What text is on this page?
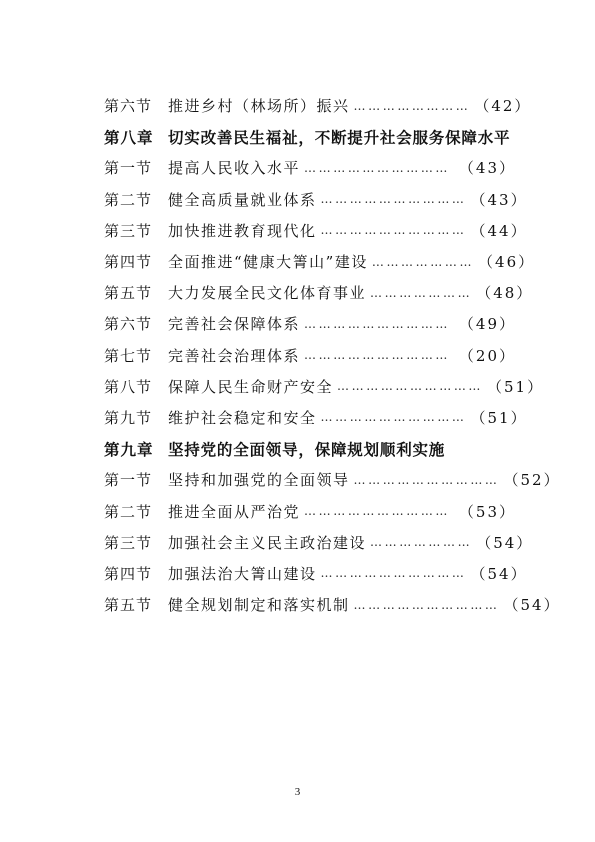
第六节	推进乡村（林场所）振兴 …………………… （42）
第八章 切实改善民生福祉，不断提升社会服务保障水平
第一节	提高人民收入水平 ………………………… （43）
第二节	健全高质量就业体系 ………………………… （43）
第三节	加快推进教育现代化 ………………………… （44）
第四节	全面推进“健康大箐山”建设 ………………… （46）
第五节	大力发展全民文化体育事业 ………………… （48）
第六节	完善社会保障体系 ………………………… （49）
第七节	完善社会治理体系 ………………………… （20）
第八节	保障人民生命财产安全 ………………………… （51）
第九节	维护社会稳定和安全 ………………………… （51）
第九章 坚持党的全面领导，保障规划顺利实施
第一节	坚持和加强党的全面领导 ………………………… （52）
第二节	推进全面从严治党 ………………………… （53）
第三节	加强社会主义民主政治建设 ………………… （54）
第四节	加强法治大箐山建设 ………………………… （54）
第五节	健全规划制定和落实机制 ………………………… （54）
3
